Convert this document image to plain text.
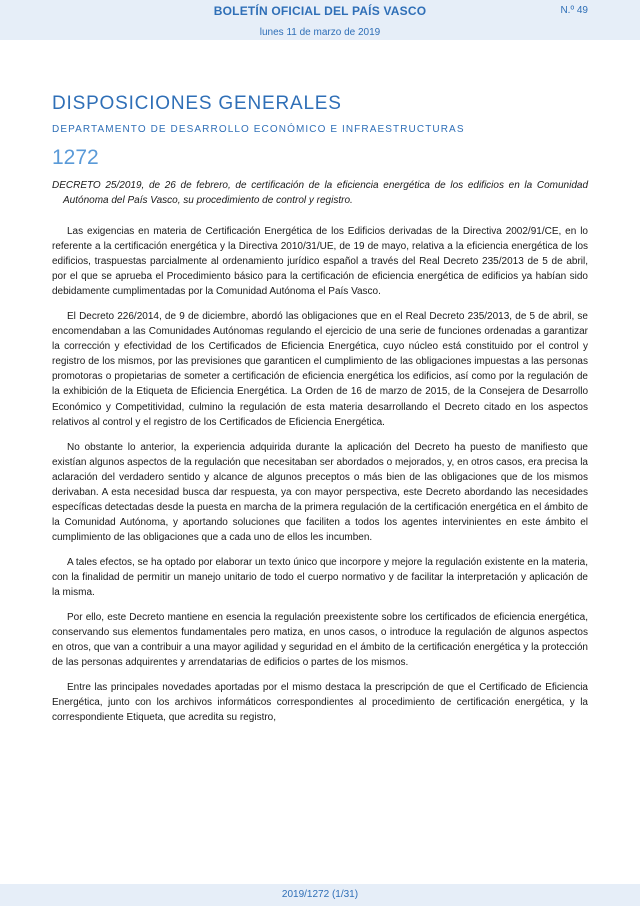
BOLETÍN OFICIAL DEL PAÍS VASCO	N.º 49
lunes 11 de marzo de 2019
DISPOSICIONES GENERALES
DEPARTAMENTO DE DESARROLLO ECONÓMICO E INFRAESTRUCTURAS
1272
DECRETO 25/2019, de 26 de febrero, de certificación de la eficiencia energética de los edificios en la Comunidad Autónoma del País Vasco, su procedimiento de control y registro.

Las exigencias en materia de Certificación Energética de los Edificios derivadas de la Directiva 2002/91/CE, en lo referente a la certificación energética y la Directiva 2010/31/UE, de 19 de mayo, relativa a la eficiencia energética de los edificios, traspuestas parcialmente al ordenamiento jurídico español a través del Real Decreto 235/2013 de 5 de abril, por el que se aprueba el Procedimiento básico para la certificación de eficiencia energética de edificios ya habían sido debidamente cumplimentadas por la Comunidad Autónoma el País Vasco.

El Decreto 226/2014, de 9 de diciembre, abordó las obligaciones que en el Real Decreto 235/2013, de 5 de abril, se encomendaban a las Comunidades Autónomas regulando el ejercicio de una serie de funciones ordenadas a garantizar la corrección y efectividad de los Certificados de Eficiencia Energética, cuyo núcleo está constituido por el control y registro de los mismos, por las previsiones que garanticen el cumplimiento de las obligaciones impuestas a las personas promotoras o propietarias de someter a certificación de eficiencia energética los edificios, así como por la regulación de la exhibición de la Etiqueta de Eficiencia Energética. La Orden de 16 de marzo de 2015, de la Consejera de Desarrollo Económico y Competitividad, culmino la regulación de esta materia desarrollando el Decreto citado en los aspectos relativos al control y el registro de los Certificados de Eficiencia Energética.

No obstante lo anterior, la experiencia adquirida durante la aplicación del Decreto ha puesto de manifiesto que existían algunos aspectos de la regulación que necesitaban ser abordados o mejorados, y, en otros casos, era precisa la aclaración del verdadero sentido y alcance de algunos preceptos o más bien de las obligaciones que de los mismos derivaban. A esta necesidad busca dar respuesta, ya con mayor perspectiva, este Decreto abordando las necesidades específicas detectadas desde la puesta en marcha de la primera regulación de la certificación energética en el ámbito de la Comunidad Autónoma, y aportando soluciones que faciliten a todos los agentes intervinientes en este ámbito el cumplimiento de las obligaciones que a cada uno de ellos les incumben.

A tales efectos, se ha optado por elaborar un texto único que incorpore y mejore la regulación existente en la materia, con la finalidad de permitir un manejo unitario de todo el cuerpo normativo y de facilitar la interpretación y aplicación de la misma.

Por ello, este Decreto mantiene en esencia la regulación preexistente sobre los certificados de eficiencia energética, conservando sus elementos fundamentales pero matiza, en unos casos, o introduce la regulación de algunos aspectos en otros, que van a contribuir a una mayor agilidad y seguridad en el ámbito de la certificación energética y la protección de las personas adquirentes y arrendatarias de edificios o partes de los mismos.

Entre las principales novedades aportadas por el mismo destaca la prescripción de que el Certificado de Eficiencia Energética, junto con los archivos informáticos correspondientes al procedimiento de certificación energética, y la correspondiente Etiqueta, que acredita su registro,

2019/1272 (1/31)
